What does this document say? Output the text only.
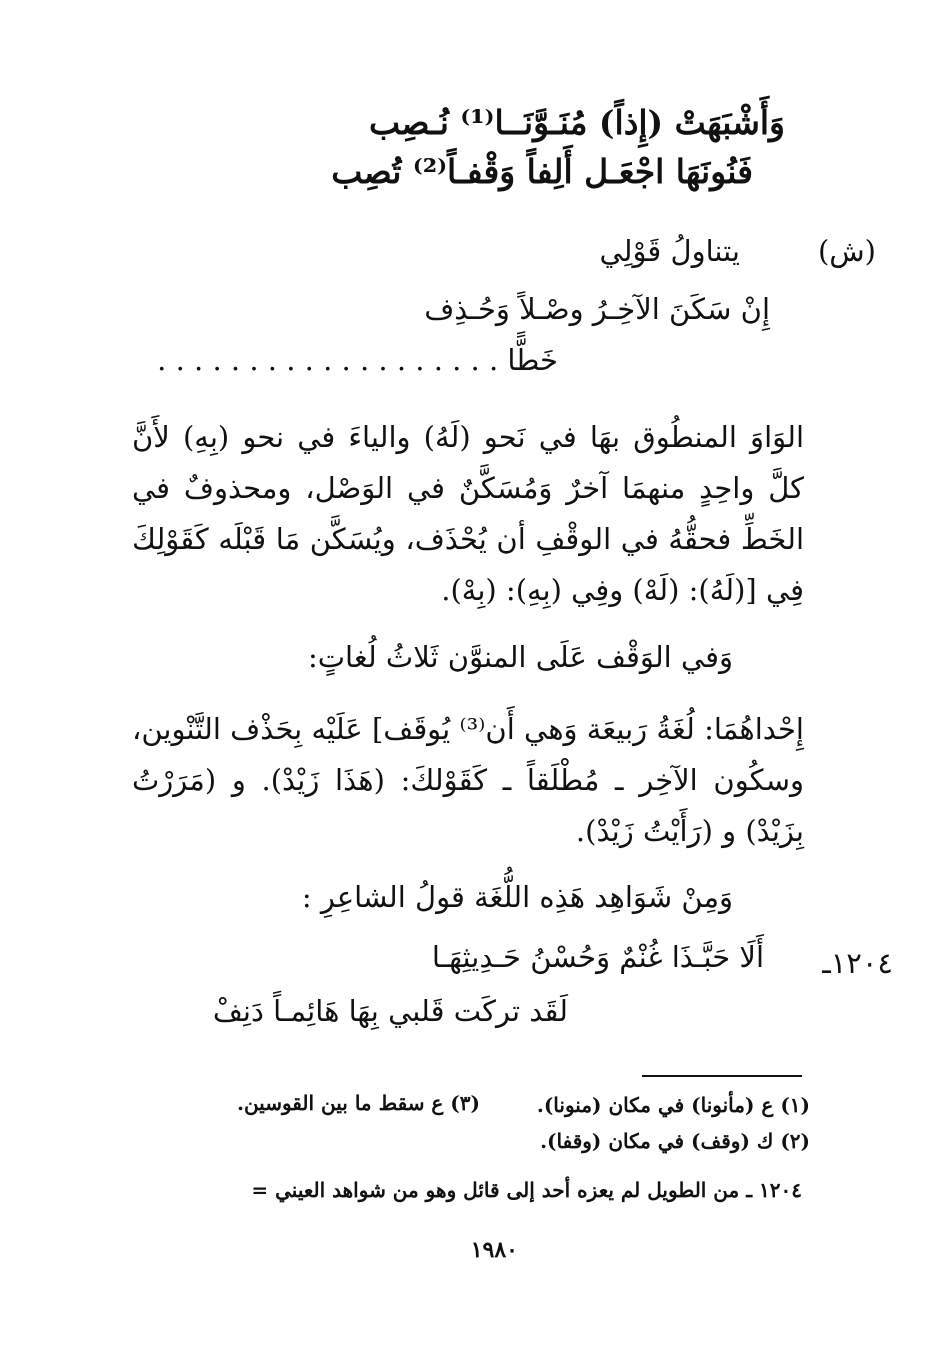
وَأَشْبَهَتْ (إِذاً) مُنَـوَّنَــا⁽¹⁾ نُـصِب
فَنُونَهَا اجْعَـل أَلِفاً وَقْفـاً⁽²⁾ تُصِب
(ش)
يتناولُ قَوْلِي
إِنْ سَكَنَ الآخِـرُ وصْـلاً وَحُـذِف
خَطًّا . . . . . . . . . . . . . . . . . . .
الوَاوَ المنطُوق بهَا في نَحو (لَهُ) والياءَ في نحو (بِهِ) لأَنَّ كلَّ واحِدٍ منهمَا آخرٌ وَمُسَكَّنٌ في الوَصْل، ومحذوفٌ في الخَطِّ فحقُّهُ في الوقْفِ أن يُحْذَف، ويُسَكَّن مَا قَبْلَه كَقَوْلِكَ فِي [(لَهُ): (لَهْ) وفِي (بِهِ): (بِهْ).
وَفي الوَقْف عَلَى المنوَّن ثَلاثُ لُغاتٍ:
إِحْداهُمَا: لُغَةُ رَبيعَة وَهي أَن⁽³⁾ يُوقَف] عَلَيْه بِحَذْف التَّنْوين، وسكُون الآخِر ـ مُطْلَقاً ـ كَقَوْلكَ: (هَذَا زَيْدْ). و (مَرَرْتُ بِزَيْدْ) و (رَأَيْتُ زَيْدْ).
وَمِنْ شَوَاهِد هَذِه اللُّغَة قولُ الشاعِرِ :
١٢٠٤ـ
أَلَا حَبَّـذَا غُنْمٌ وَحُسْنُ حَـدِيثِهَـا
لَقَد تركَت قَلبي بِهَا هَائِمـاً دَنِفْ
(١) ع (مأنونا) في مكان (منونا).
(٣) ع سقط ما بين القوسين.
(٢) ك (وقف) في مكان (وقفا).
١٢٠٤ ـ من الطويل لم يعزه أحد إلى قائل وهو من شواهد العيني =
١٩٨٠
